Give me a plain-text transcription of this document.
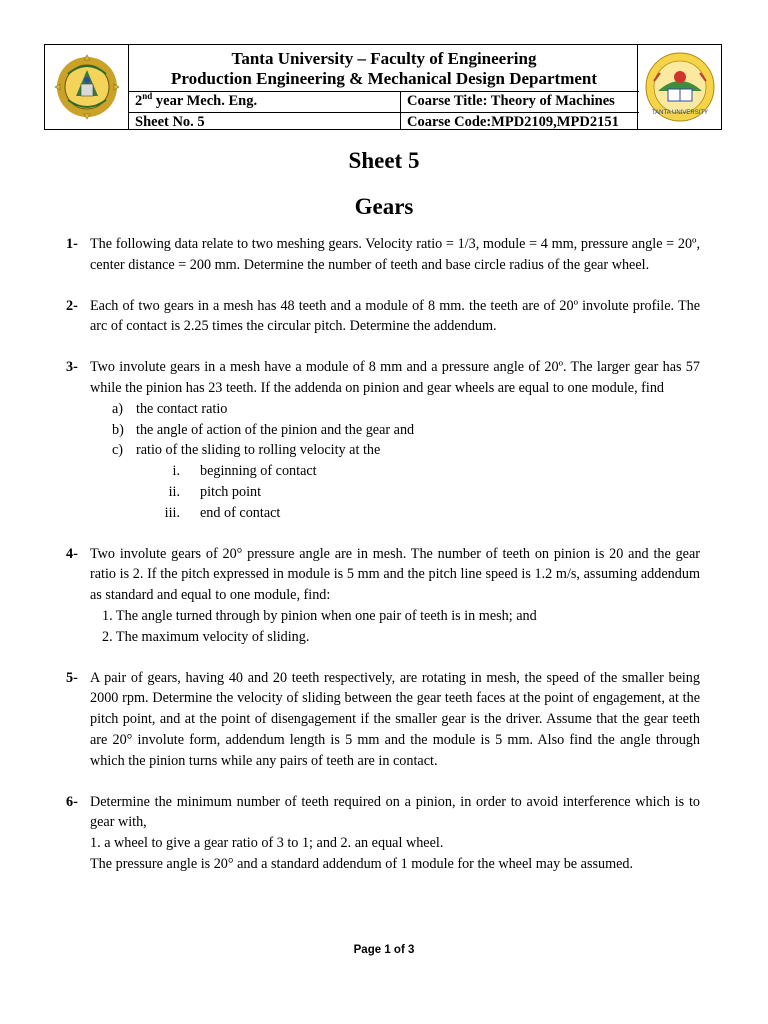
Tanta University – Faculty of Engineering
Production Engineering & Mechanical Design Department
2nd year Mech. Eng.	Coarse Title: Theory of Machines
Sheet No. 5	Coarse Code:MPD2109,MPD2151
TANTA UNIVERSITY
Sheet 5
Gears
1- The following data relate to two meshing gears. Velocity ratio = 1/3, module = 4 mm, pressure angle = 20º, center distance = 200 mm. Determine the number of teeth and base circle radius of the gear wheel.
2- Each of two gears in a mesh has 48 teeth and a module of 8 mm. the teeth are of 20º involute profile. The arc of contact is 2.25 times the circular pitch. Determine the addendum.
3- Two involute gears in a mesh have a module of 8 mm and a pressure angle of 20º. The larger gear has 57 while the pinion has 23 teeth. If the addenda on pinion and gear wheels are equal to one module, find
a) the contact ratio
b) the angle of action of the pinion and the gear and
c) ratio of the sliding to rolling velocity at the
i. beginning of contact
ii. pitch point
iii. end of contact
4- Two involute gears of 20° pressure angle are in mesh. The number of teeth on pinion is 20 and the gear ratio is 2. If the pitch expressed in module is 5 mm and the pitch line speed is 1.2 m/s, assuming addendum as standard and equal to one module, find:
1. The angle turned through by pinion when one pair of teeth is in mesh; and
2. The maximum velocity of sliding.
5- A pair of gears, having 40 and 20 teeth respectively, are rotating in mesh, the speed of the smaller being 2000 rpm. Determine the velocity of sliding between the gear teeth faces at the point of engagement, at the pitch point, and at the point of disengagement if the smaller gear is the driver. Assume that the gear teeth are 20° involute form, addendum length is 5 mm and the module is 5 mm. Also find the angle through which the pinion turns while any pairs of teeth are in contact.
6- Determine the minimum number of teeth required on a pinion, in order to avoid interference which is to gear with,
1. a wheel to give a gear ratio of 3 to 1; and 2. an equal wheel.
The pressure angle is 20° and a standard addendum of 1 module for the wheel may be assumed.
Page 1 of 3
